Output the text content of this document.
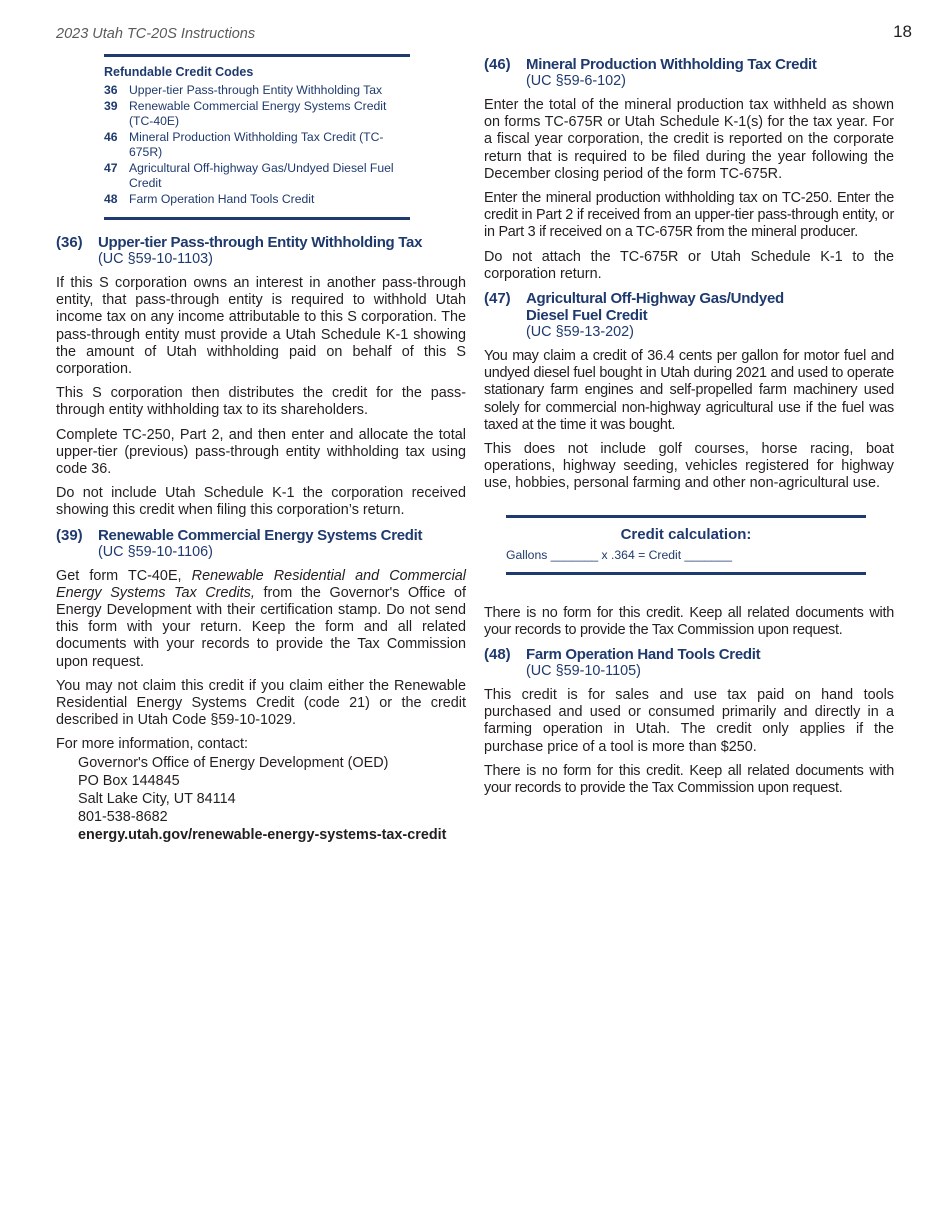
2023 Utah TC-20S Instructions	18
Refundable Credit Codes
36 Upper-tier Pass-through Entity Withholding Tax
39 Renewable Commercial Energy Systems Credit (TC-40E)
46 Mineral Production Withholding Tax Credit (TC-675R)
47 Agricultural Off-highway Gas/Undyed Diesel Fuel Credit
48 Farm Operation Hand Tools Credit
(36)	Upper-tier Pass-through Entity Withholding Tax
(UC §59-10-1103)

If this S corporation owns an interest in another pass-through entity, that pass-through entity is required to withhold Utah income tax on any income attributable to this S corporation. The pass-through entity must provide a Utah Schedule K-1 showing the amount of Utah withholding paid on behalf of this S corporation.

This S corporation then distributes the credit for the pass-through entity withholding tax to its shareholders.

Complete TC-250, Part 2, and then enter and allocate the total upper-tier (previous) pass-through entity withholding tax using code 36.

Do not include Utah Schedule K-1 the corporation received showing this credit when filing this corporation’s return.

(39)	Renewable Commercial Energy Systems Credit
(UC §59-10-1106)

Get form TC-40E, Renewable Residential and Commercial Energy Systems Tax Credits, from the Governor's Office of Energy Development with their certification stamp. Do not send this form with your return. Keep the form and all related documents with your records to provide the Tax Commission upon request.

You may not claim this credit if you claim either the Renewable Residential Energy Systems Credit (code 21) or the credit described in Utah Code §59-10-1029.

For more information, contact:

Governor's Office of Energy Development (OED)
PO Box 144845
Salt Lake City, UT 84114
801-538-8682
energy.utah.gov/renewable-energy-systems-tax-credit
(46)	Mineral Production Withholding Tax Credit
(UC §59-6-102)

Enter the total of the mineral production tax withheld as shown on forms TC-675R or Utah Schedule K-1(s) for the tax year. For a fiscal year corporation, the credit is reported on the corporate return that is required to be filed during the year following the December closing period of the form TC-675R.

Enter the mineral production withholding tax on TC-250. Enter the credit in Part 2 if received from an upper-tier pass-through entity, or in Part 3 if received on a TC-675R from the mineral producer.

Do not attach the TC-675R or Utah Schedule K-1 to the corporation return.

(47)	Agricultural Off-Highway Gas/Undyed
Diesel Fuel Credit
(UC §59-13-202)

You may claim a credit of 36.4 cents per gallon for motor fuel and undyed diesel fuel bought in Utah during 2021 and used to operate stationary farm engines and self-propelled farm machinery used solely for commercial non-highway agricultural use if the fuel was taxed at the time it was bought.

This does not include golf courses, horse racing, boat operations, highway seeding, vehicles registered for highway use, hobbies, personal farming and other non-agricultural use.

Credit calculation:
Gallons _______ x .364 = Credit _______

There is no form for this credit. Keep all related documents with your records to provide the Tax Commission upon request.

(48)	Farm Operation Hand Tools Credit
(UC §59-10-1105)

This credit is for sales and use tax paid on hand tools purchased and used or consumed primarily and directly in a farming operation in Utah. The credit only applies if the purchase price of a tool is more than $250.

There is no form for this credit. Keep all related documents with your records to provide the Tax Commission upon request.
